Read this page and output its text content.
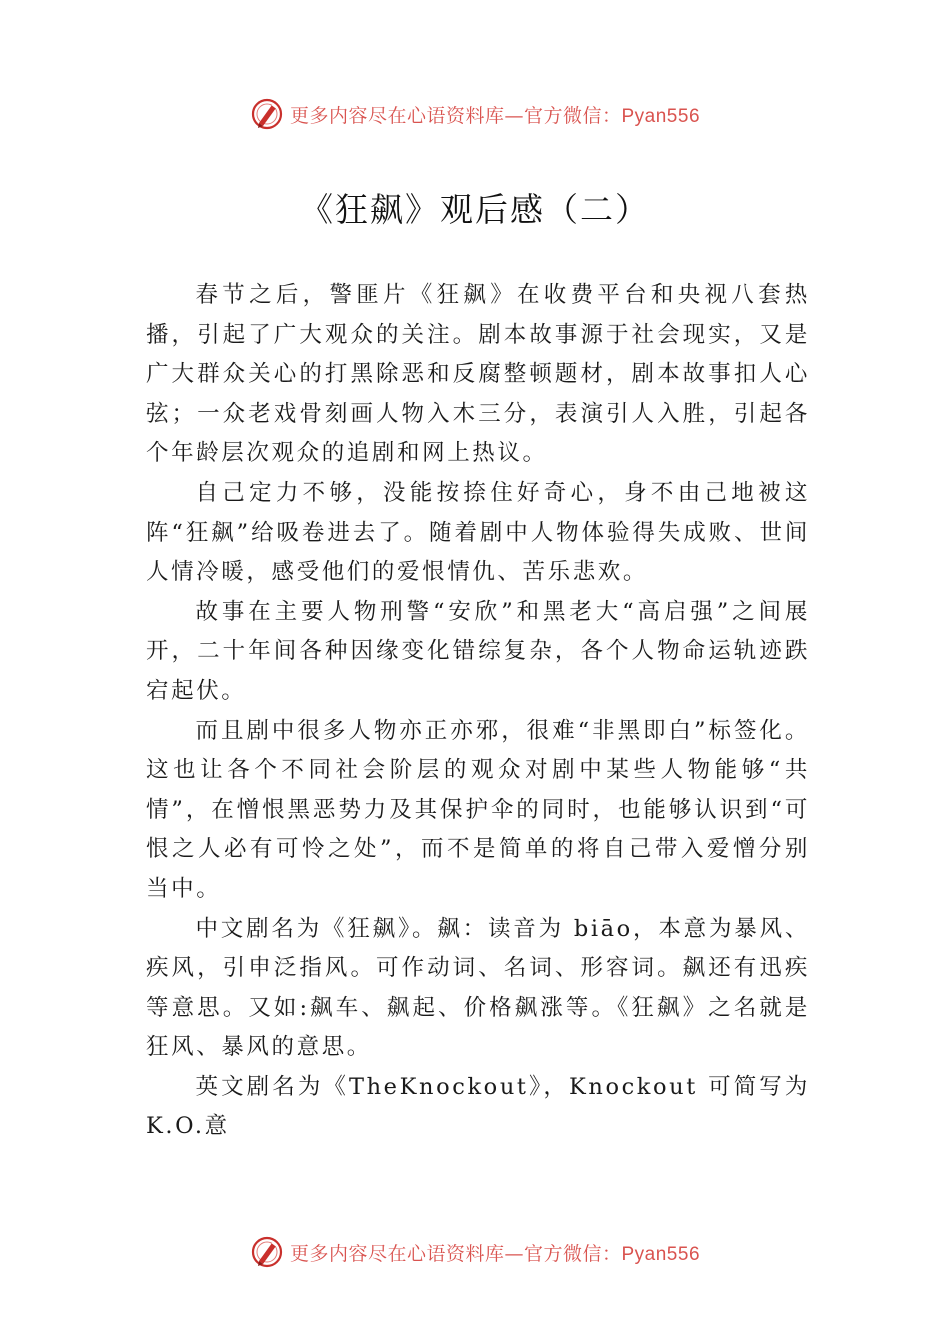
更多内容尽在心语资料库—官方微信：Pyan556
《狂飙》观后感（二）

春节之后，警匪片《狂飙》在收费平台和央视八套热播，引起了广大观众的关注。剧本故事源于社会现实，又是广大群众关心的打黑除恶和反腐整顿题材，剧本故事扣人心弦；一众老戏骨刻画人物入木三分，表演引人入胜，引起各个年龄层次观众的追剧和网上热议。

自己定力不够，没能按捺住好奇心，身不由己地被这阵“狂飙”给吸卷进去了。随着剧中人物体验得失成败、世间人情冷暖，感受他们的爱恨情仇、苦乐悲欢。

故事在主要人物刑警“安欣”和黑老大“高启强”之间展开，二十年间各种因缘变化错综复杂，各个人物命运轨迹跌宕起伏。

而且剧中很多人物亦正亦邪，很难“非黑即白”标签化。这也让各个不同社会阶层的观众对剧中某些人物能够“共情”，在憎恨黑恶势力及其保护伞的同时，也能够认识到“可恨之人必有可怜之处”，而不是简单的将自己带入爱憎分别当中。

中文剧名为《狂飙》。飙：读音为 biāo，本意为暴风、疾风，引申泛指风。可作动词、名词、形容词。飙还有迅疾等意思。又如:飙车、飙起、价格飙涨等。《狂飙》之名就是狂风、暴风的意思。

英文剧名为《TheKnockout》，Knockout 可简写为 K.O.意

更多内容尽在心语资料库—官方微信：Pyan556
